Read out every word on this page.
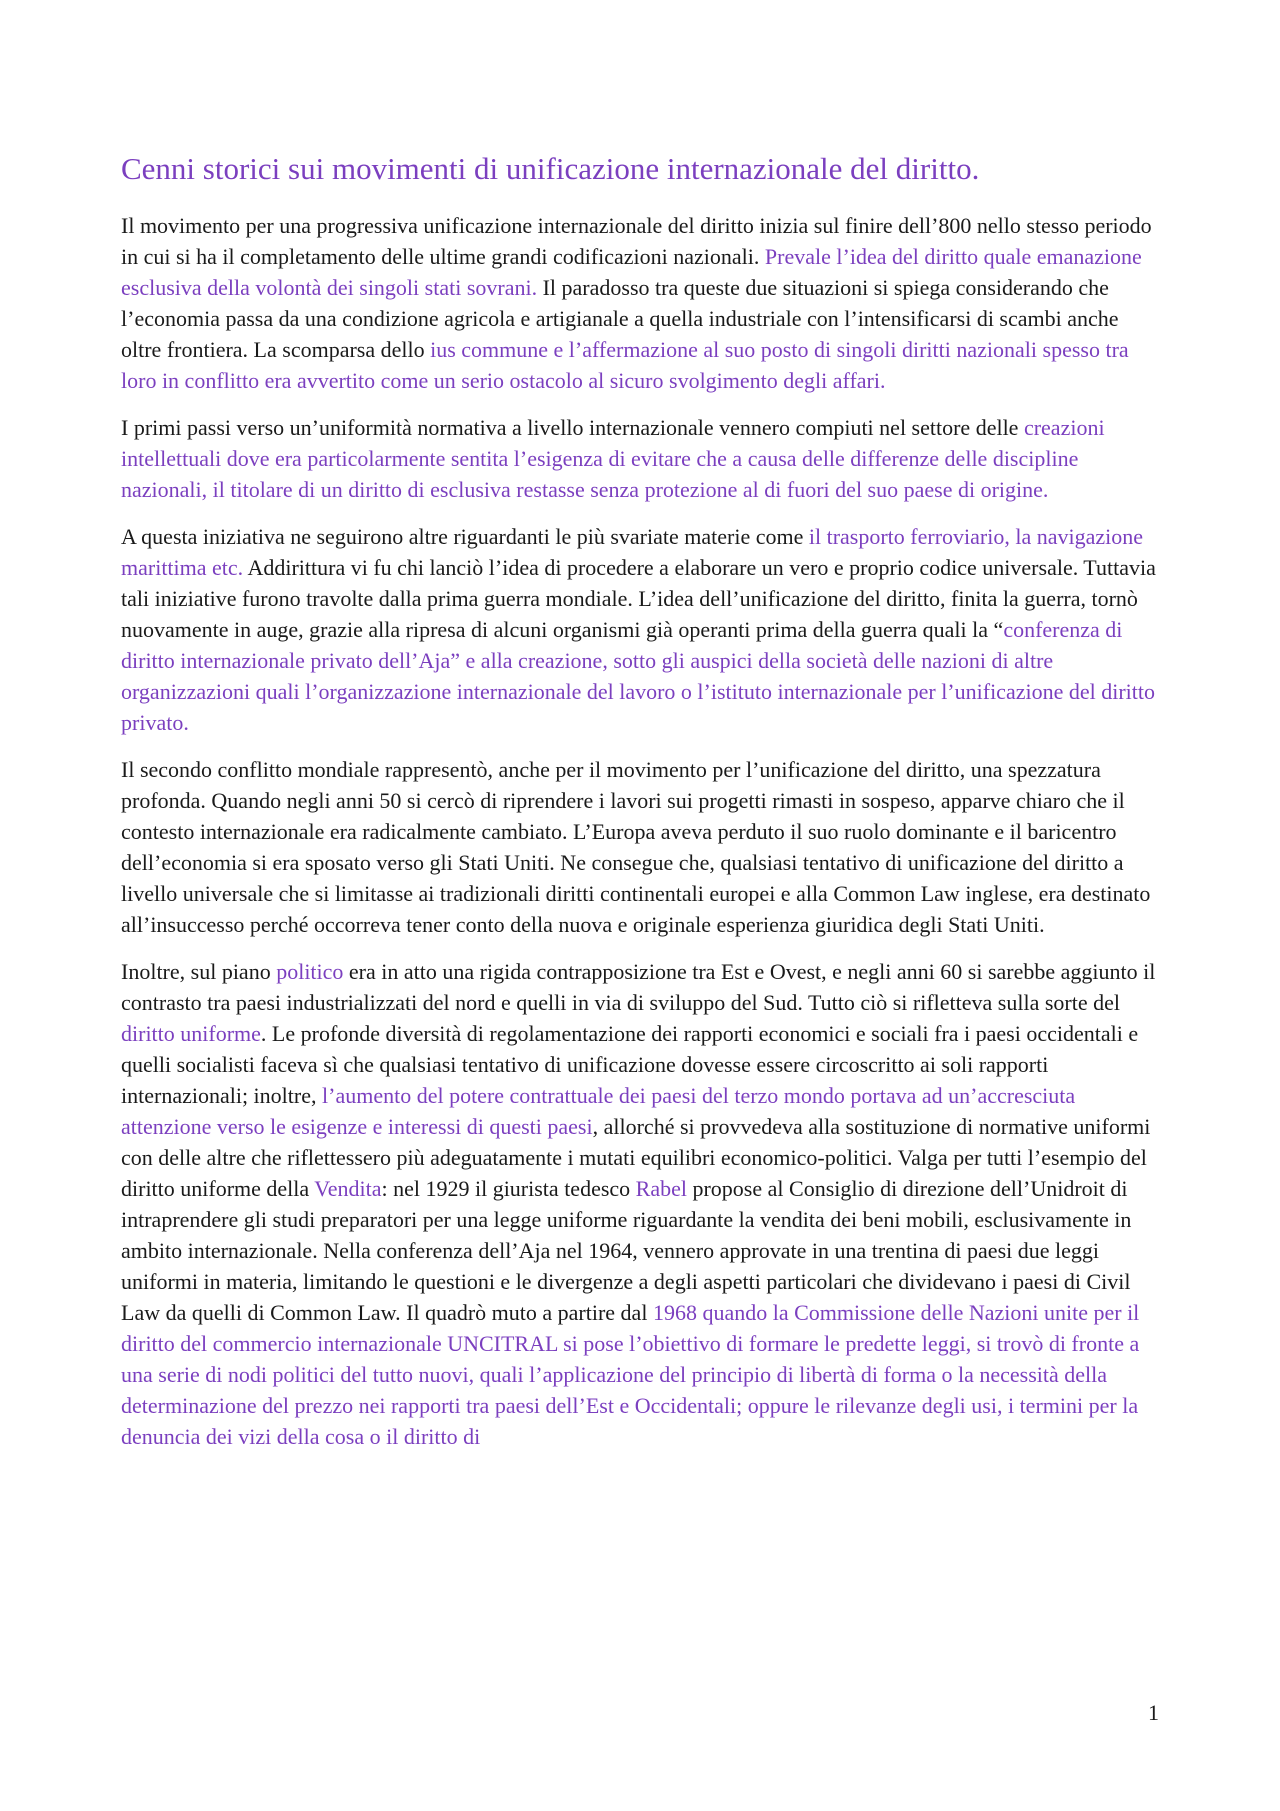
Cenni storici sui movimenti di unificazione internazionale del diritto.

Il movimento per una progressiva unificazione internazionale del diritto inizia sul finire dell’800 nello stesso periodo in cui si ha il completamento delle ultime grandi codificazioni nazionali. Prevale l’idea del diritto quale emanazione esclusiva della volontà dei singoli stati sovrani. Il paradosso tra queste due situazioni si spiega considerando che l’economia passa da una condizione agricola e artigianale a quella industriale con l’intensificarsi di scambi anche oltre frontiera. La scomparsa dello ius commune e l’affermazione al suo posto di singoli diritti nazionali spesso tra loro in conflitto era avvertito come un serio ostacolo al sicuro svolgimento degli affari.

I primi passi verso un’uniformità normativa a livello internazionale vennero compiuti nel settore delle creazioni intellettuali dove era particolarmente sentita l’esigenza di evitare che a causa delle differenze delle discipline nazionali, il titolare di un diritto di esclusiva restasse senza protezione al di fuori del suo paese di origine.

A questa iniziativa ne seguirono altre riguardanti le più svariate materie come il trasporto ferroviario, la navigazione marittima etc. Addirittura vi fu chi lanciò l’idea di procedere a elaborare un vero e proprio codice universale. Tuttavia tali iniziative furono travolte dalla prima guerra mondiale. L’idea dell’unificazione del diritto, finita la guerra, tornò nuovamente in auge, grazie alla ripresa di alcuni organismi già operanti prima della guerra quali la “conferenza di diritto internazionale privato dell’Aja” e alla creazione, sotto gli auspici della società delle nazioni di altre organizzazioni quali l’organizzazione internazionale del lavoro o l’istituto internazionale per l’unificazione del diritto privato.

Il secondo conflitto mondiale rappresentò, anche per il movimento per l’unificazione del diritto, una spezzatura profonda. Quando negli anni 50 si cercò di riprendere i lavori sui progetti rimasti in sospeso, apparve chiaro che il contesto internazionale era radicalmente cambiato. L’Europa aveva perduto il suo ruolo dominante e il baricentro dell’economia si era sposato verso gli Stati Uniti. Ne consegue che, qualsiasi tentativo di unificazione del diritto a livello universale che si limitasse ai tradizionali diritti continentali europei e alla Common Law inglese, era destinato all’insuccesso perché occorreva tener conto della nuova e originale esperienza giuridica degli Stati Uniti.

Inoltre, sul piano politico era in atto una rigida contrapposizione tra Est e Ovest, e negli anni 60 si sarebbe aggiunto il contrasto tra paesi industrializzati del nord e quelli in via di sviluppo del Sud. Tutto ciò si rifletteva sulla sorte del diritto uniforme. Le profonde diversità di regolamentazione dei rapporti economici e sociali fra i paesi occidentali e quelli socialisti faceva sì che qualsiasi tentativo di unificazione dovesse essere circoscritto ai soli rapporti internazionali; inoltre, l’aumento del potere contrattuale dei paesi del terzo mondo portava ad un’accresciuta attenzione verso le esigenze e interessi di questi paesi, allorché si provvedeva alla sostituzione di normative uniformi con delle altre che riflettessero più adeguatamente i mutati equilibri economico-politici. Valga per tutti l’esempio del diritto uniforme della Vendita: nel 1929 il giurista tedesco Rabel propose al Consiglio di direzione dell’Unidroit di intraprendere gli studi preparatori per una legge uniforme riguardante la vendita dei beni mobili, esclusivamente in ambito internazionale. Nella conferenza dell’Aja nel 1964, vennero approvate in una trentina di paesi due leggi uniformi in materia, limitando le questioni e le divergenze a degli aspetti particolari che dividevano i paesi di Civil Law da quelli di Common Law. Il quadrò muto a partire dal 1968 quando la Commissione delle Nazioni unite per il diritto del commercio internazionale UNCITRAL si pose l’obiettivo di formare le predette leggi, si trovò di fronte a una serie di nodi politici del tutto nuovi, quali l’applicazione del principio di libertà di forma o la necessità della determinazione del prezzo nei rapporti tra paesi dell’Est e Occidentali; oppure le rilevanze degli usi, i termini per la denuncia dei vizi della cosa o il diritto di

1
